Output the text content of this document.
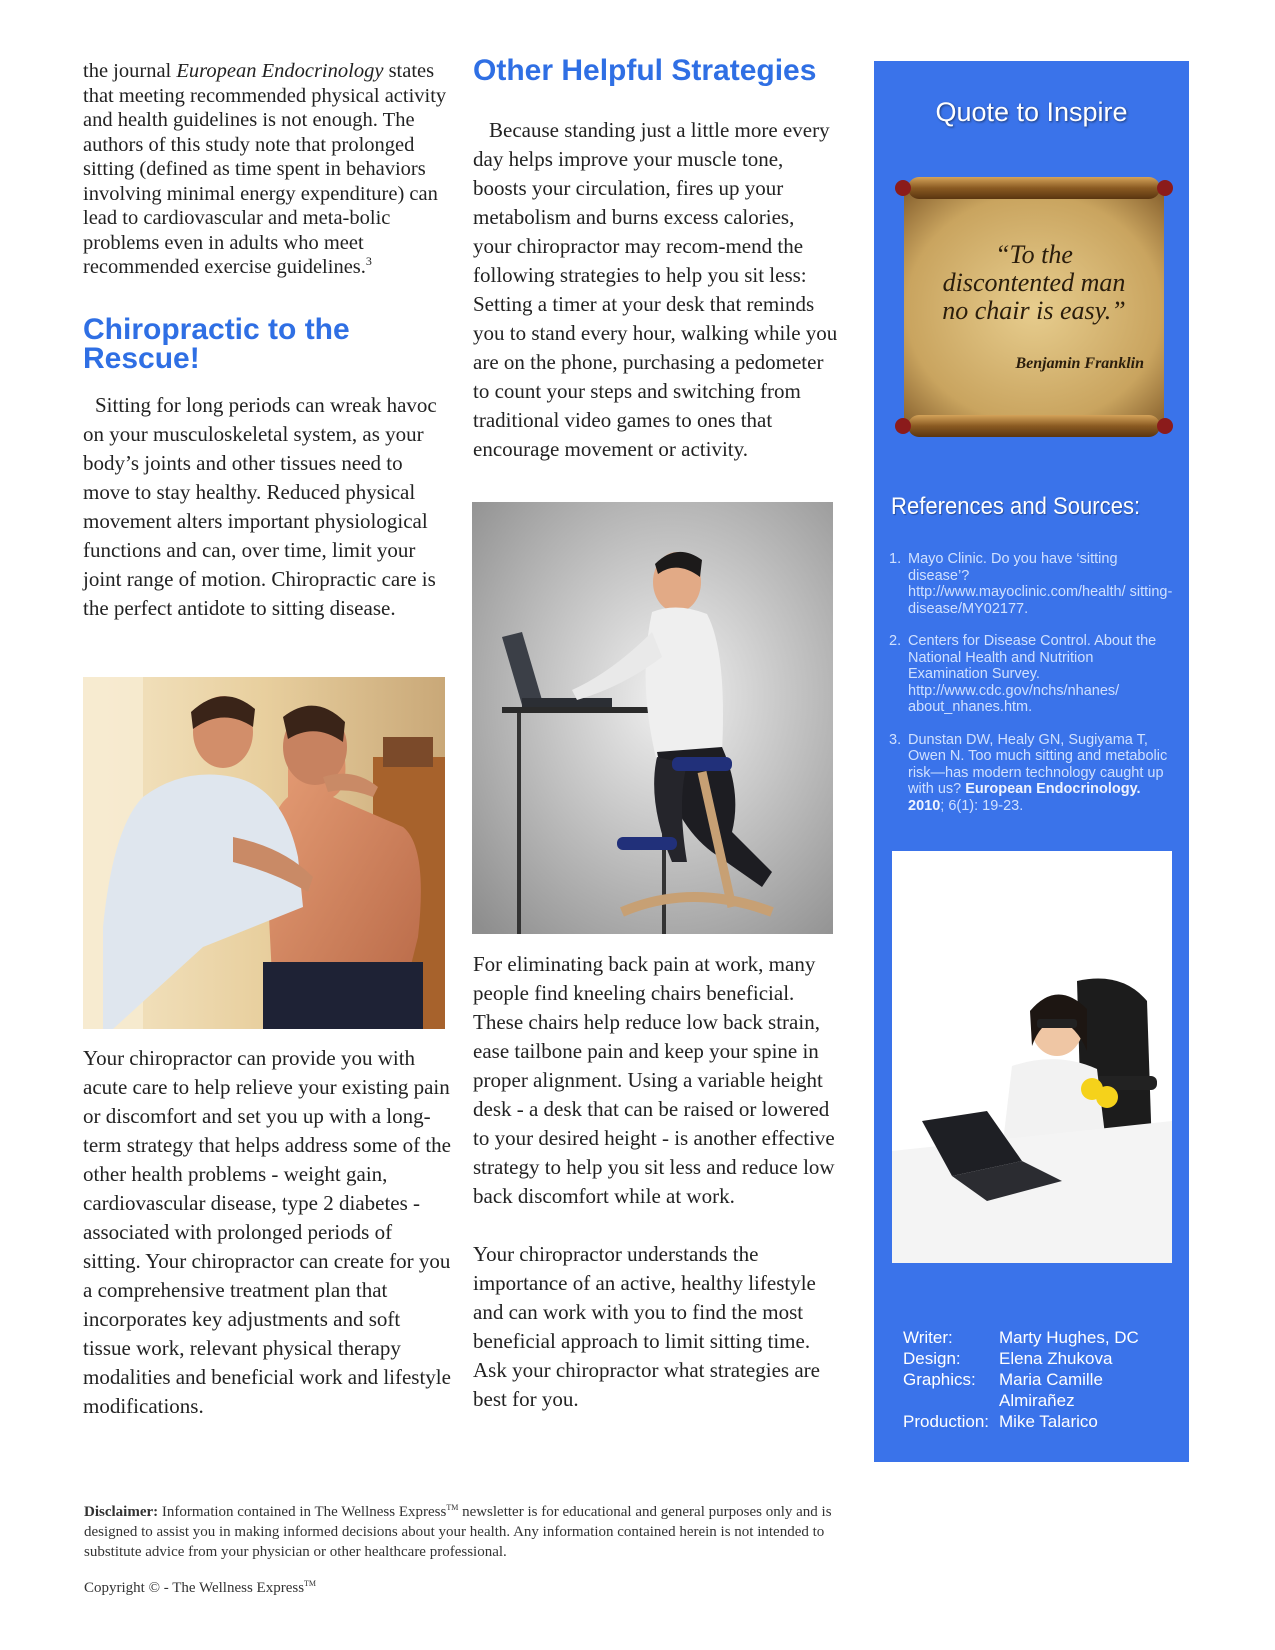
the journal European Endocrinology states that meeting recommended physical activity and health guidelines is not enough. The authors of this study note that prolonged sitting (defined as time spent in behaviors involving minimal energy expenditure) can lead to cardiovascular and meta-bolic problems even in adults who meet recommended exercise guidelines.$^3$

Chiropractic to the
Rescue!

Sitting for long periods can wreak havoc on your musculoskeletal system, as your body’s joints and other tissues need to move to stay healthy. Reduced physical movement alters important physiological functions and can, over time, limit your joint range of motion. Chiropractic care is the perfect antidote to sitting disease.

Your chiropractor can provide you with acute care to help relieve your existing pain or discomfort and set you up with a long-term strategy that helps address some of the other health problems - weight gain, cardiovascular disease, type 2 diabetes - associated with prolonged periods of sitting. Your chiropractor can create for you a comprehensive treatment plan that incorporates key adjustments and soft tissue work, relevant physical therapy modalities and beneficial work and lifestyle modifications.

Other Helpful Strategies

Because standing just a little more every day helps improve your muscle tone, boosts your circulation, fires up your metabolism and burns excess calories, your chiropractor may recom-mend the following strategies to help you sit less: Setting a timer at your desk that reminds you to stand every hour, walking while you are on the phone, purchasing a pedometer to count your steps and switching from traditional video games to ones that encourage movement or activity.

For eliminating back pain at work, many people find kneeling chairs beneficial. These chairs help reduce low back strain, ease tailbone pain and keep your spine in proper alignment. Using a variable height desk - a desk that can be raised or lowered to your desired height - is another effective strategy to help you sit less and reduce low back discomfort while at work.

Your chiropractor understands the importance of an active, healthy lifestyle and can work with you to find the most beneficial approach to limit sitting time. Ask your chiropractor what strategies are best for you.

Quote to Inspire
“To the
discontented man
no chair is easy.”
Benjamin Franklin
References and Sources:
1. Mayo Clinic. Do you have ‘sitting disease’? http://www.mayoclinic.com/health/ sitting-disease/MY02177.
2. Centers for Disease Control. About the National Health and Nutrition Examination Survey. http://www.cdc.gov/nchs/nhanes/ about_nhanes.htm.
3. Dunstan DW, Healy GN, Sugiyama T, Owen N. Too much sitting and metabolic risk—has modern technology caught up with us? European Endocrinology. 2010; 6(1): 19-23.
Writer:	Marty Hughes, DC
Design:	Elena Zhukova
Graphics:	Maria Camille
Almirañez
Production: Mike Talarico
Disclaimer: Information contained in The Wellness Express™ newsletter is for educational and general purposes only and is designed to assist you in making informed decisions about your health. Any information contained herein is not intended to substitute advice from your physician or other healthcare professional.
Copyright © - The Wellness Express™
